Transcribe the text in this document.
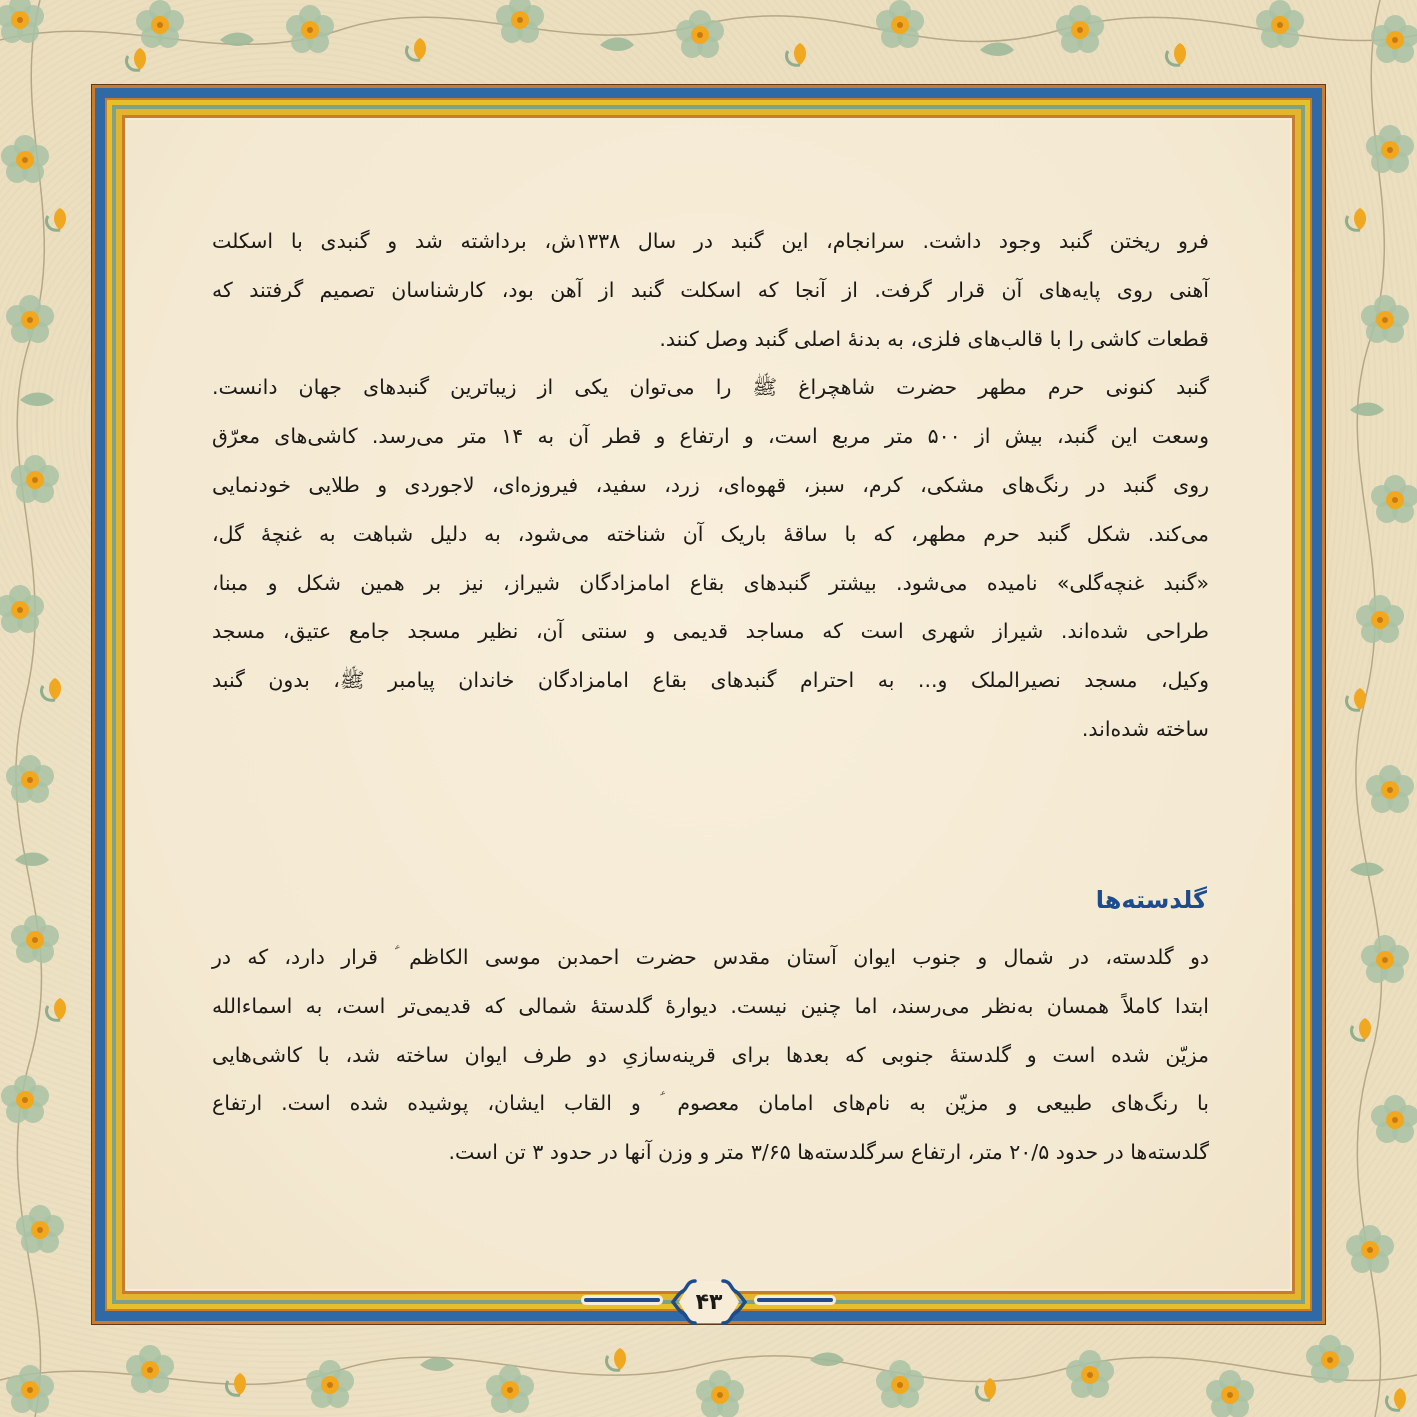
فرو ریختن گنبد وجود داشت. سرانجام، این گنبد در سال ۱۳۳۸ش، برداشته شد و گنبدی با اسکلت
آهنی روی پایه‌های آن قرار گرفت. از آنجا که اسکلت گنبد از آهن بود، کارشناسان تصمیم گرفتند که
قطعات کاشی را با قالب‌های فلزی، به بدنهٔ اصلی گنبد وصل کنند.
گنبد کنونی حرم مطهر حضرت شاهچراغ ﷺ را می‌توان یکی از زیباترین گنبدهای جهان دانست.
وسعت این گنبد، بیش از ۵۰۰ متر مربع است، و ارتفاع و قطر آن به ۱۴ متر می‌رسد. کاشی‌های معرّق
روی گنبد در رنگ‌های مشکی، کرم، سبز، قهوه‌ای، زرد، سفید، فیروزه‌ای، لاجوردی و طلایی خودنمایی
می‌کند. شکل گنبد حرم مطهر، که با ساقهٔ باریک آن شناخته می‌شود، به دلیل شباهت به غنچهٔ گل،
«گنبد غنچه‌گلی» نامیده می‌شود. بیشتر گنبدهای بقاع امامزادگان شیراز، نیز بر همین شکل و مبنا،
طراحی شده‌اند. شیراز شهری است که مساجد قدیمی و سنتی آن، نظیر مسجد جامع عتیق، مسجد
وکیل، مسجد نصیرالملک و... به احترام گنبدهای بقاع امامزادگان خاندان پیامبر ﷺ، بدون گنبد
ساخته شده‌اند.
گلدسته‌ها
دو گلدسته، در شمال و جنوب ایوان آستان مقدس حضرت احمدبن موسی الکاظم ؑ قرار دارد، که در
ابتدا کاملاً همسان به‌نظر می‌رسند، اما چنین نیست. دیوارهٔ گلدستهٔ شمالی که قدیمی‌تر است، به اسماءالله
مزیّن شده است و گلدستهٔ جنوبی که بعدها برای قرینه‌سازیِ دو طرف ایوان ساخته شد، با کاشی‌هایی
با رنگ‌های طبیعی و مزیّن به نام‌های امامان معصوم ؑ و القاب ایشان، پوشیده شده است. ارتفاع
گلدسته‌ها در حدود ۲۰/۵ متر، ارتفاع سرگلدسته‌ها ۳/۶۵ متر و وزن آنها در حدود ۳ تن است.
۴۳
